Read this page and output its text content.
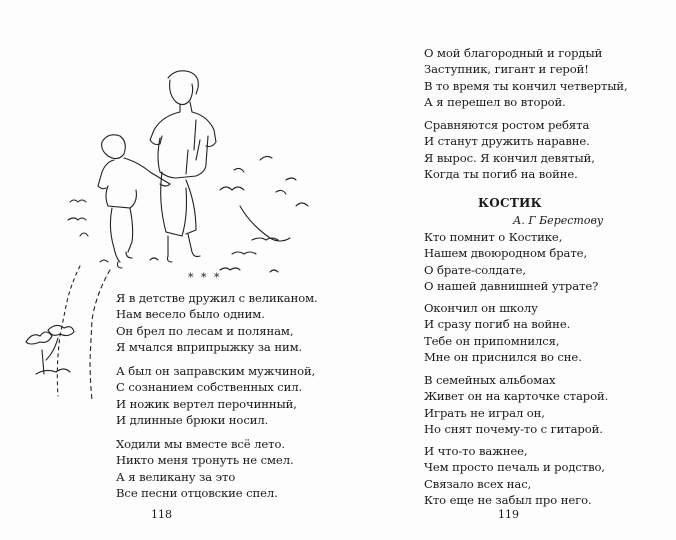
* * *
Я в детстве дружил с великаном.
Нам весело было одним.
Он брел по лесам и полянам,
Я мчался вприпрыжку за ним.
А был он заправским мужчиной,
С сознанием собственных сил.
И ножик вертел перочинный,
И длинные брюки носил.
Ходили мы вместе всё лето.
Никто меня тронуть не смел.
А я великану за это
Все песни отцовские спел.
118
О мой благородный и гордый
Заступник, гигант и герой!
В то время ты кончил четвертый,
А я перешел во второй.
Сравняются ростом ребята
И станут дружить наравне.
Я вырос. Я кончил девятый,
Когда ты погиб на войне.
КОСТИК
А. Г Берестову
Кто помнит о Костике,
Нашем двоюродном брате,
О брате-солдате,
О нашей давнишней утрате?
Окончил он школу
И сразу погиб на войне.
Тебе он припомнился,
Мне он приснился во сне.
В семейных альбомах
Живет он на карточке старой.
Играть не играл он,
Но снят почему-то с гитарой.
И что-то важнее,
Чем просто печаль и родство,
Связало всех нас,
Кто еще не забыл про него.
119
